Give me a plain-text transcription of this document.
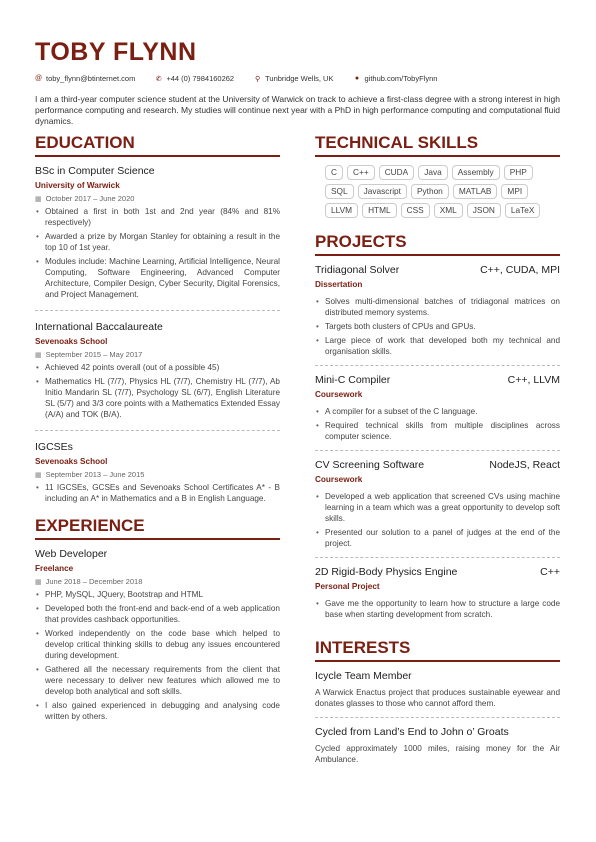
TOBY FLYNN
@ toby_flynn@btinternet.com	✆ +44 (0) 7984160262	⚲ Tunbridge Wells, UK	● github.com/TobyFlynn
I am a third-year computer science student at the University of Warwick on track to achieve a first-class degree with a strong interest in high performance computing and research. My studies will continue next year with a PhD in high performance computing and computational fluid dynamics.
EDUCATION
BSc in Computer Science
University of Warwick
▦ October 2017 – June 2020
• Obtained a first in both 1st and 2nd year (84% and 81% respectively)
• Awarded a prize by Morgan Stanley for obtaining a result in the top 10 of 1st year.
• Modules include: Machine Learning, Artificial Intelligence, Neural Computing, Software Engineering, Advanced Computer Architecture, Compiler Design, Cyber Security, Digital Forensics, and Project Management.
International Baccalaureate
Sevenoaks School
▦ September 2015 – May 2017
• Achieved 42 points overall (out of a possible 45)
• Mathematics HL (7/7), Physics HL (7/7), Chemistry HL (7/7), Ab Initio Mandarin SL (7/7), Psychology SL (6/7), English Literature SL (5/7) and 3/3 core points with a Mathematics Extended Essay (A/A) and TOK (B/A).
IGCSEs
Sevenoaks School
▦ September 2013 – June 2015
• 11 IGCSEs, GCSEs and Sevenoaks School Certificates A* - B including an A* in Mathematics and a B in English Language.
EXPERIENCE
Web Developer
Freelance
▦ June 2018 – December 2018
• PHP, MySQL, JQuery, Bootstrap and HTML
• Developed both the front-end and back-end of a web application that provides cashback opportunities.
• Worked independently on the code base which helped to develop critical thinking skills to debug any issues encountered during development.
• Gathered all the necessary requirements from the client that were necessary to deliver new features which allowed me to develop both analytical and soft skills.
• I also gained experienced in debugging and analysing code written by others.
TECHNICAL SKILLS
C	C++	CUDA	Java	Assembly	PHP
SQL	Javascript	Python	MATLAB	MPI
LLVM	HTML	CSS	XML	JSON	LaTeX
PROJECTS
Tridiagonal Solver	C++, CUDA, MPI
Dissertation
• Solves multi-dimensional batches of tridiagonal matrices on distributed memory systems.
• Targets both clusters of CPUs and GPUs.
• Large piece of work that developed both my technical and organisation skills.
Mini-C Compiler	C++, LLVM
Coursework
• A compiler for a subset of the C language.
• Required technical skills from multiple disciplines across computer science.
CV Screening Software	NodeJS, React
Coursework
• Developed a web application that screened CVs using machine learning in a team which was a great opportunity to develop soft skills.
• Presented our solution to a panel of judges at the end of the project.
2D Rigid-Body Physics Engine	C++
Personal Project
• Gave me the opportunity to learn how to structure a large code base when starting development from scratch.
INTERESTS
Icycle Team Member
A Warwick Enactus project that produces sustainable eyewear and donates glasses to those who cannot afford them.
Cycled from Land’s End to John o’ Groats
Cycled approximately 1000 miles, raising money for the Air Ambulance.
